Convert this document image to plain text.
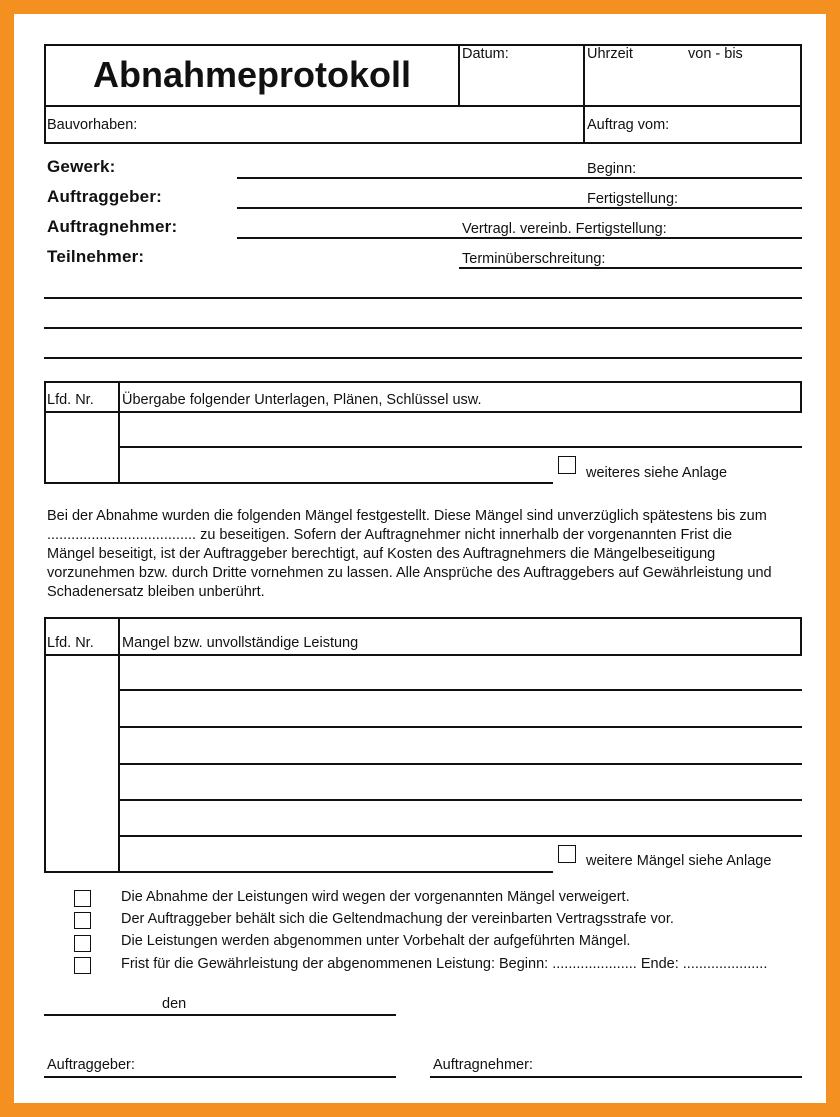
Abnahmeprotokoll	Datum:	Uhrzeit	von - bis
Bauvorhaben:	Auftrag vom:
Gewerk:	Beginn:
Auftraggeber:	Fertigstellung:
Auftragnehmer:	Vertragl. vereinb. Fertigstellung:
Teilnehmer:	Terminüberschreitung:
Lfd. Nr. Übergabe folgender Unterlagen, Plänen, Schlüssel usw.
weiteres siehe Anlage
Bei der Abnahme wurden die folgenden Mängel festgestellt. Diese Mängel sind unverzüglich spätestens bis zum
..................................... zu beseitigen. Sofern der Auftragnehmer nicht innerhalb der vorgenannten Frist die
Mängel beseitigt, ist der Auftraggeber berechtigt, auf Kosten des Auftragnehmers die Mängelbeseitigung
vorzunehmen bzw. durch Dritte vornehmen zu lassen. Alle Ansprüche des Auftraggebers auf Gewährleistung und
Schadenersatz bleiben unberührt.
Lfd. Nr. Mangel bzw. unvollständige Leistung
weitere Mängel siehe Anlage
Die Abnahme der Leistungen wird wegen der vorgenannten Mängel verweigert.
Der Auftraggeber behält sich die Geltendmachung der vereinbarten Vertragsstrafe vor.
Die Leistungen werden abgenommen unter Vorbehalt der aufgeführten Mängel.
Frist für die Gewährleistung der abgenommenen Leistung: Beginn: ..................... Ende: .....................
den
Auftraggeber:	Auftragnehmer:
